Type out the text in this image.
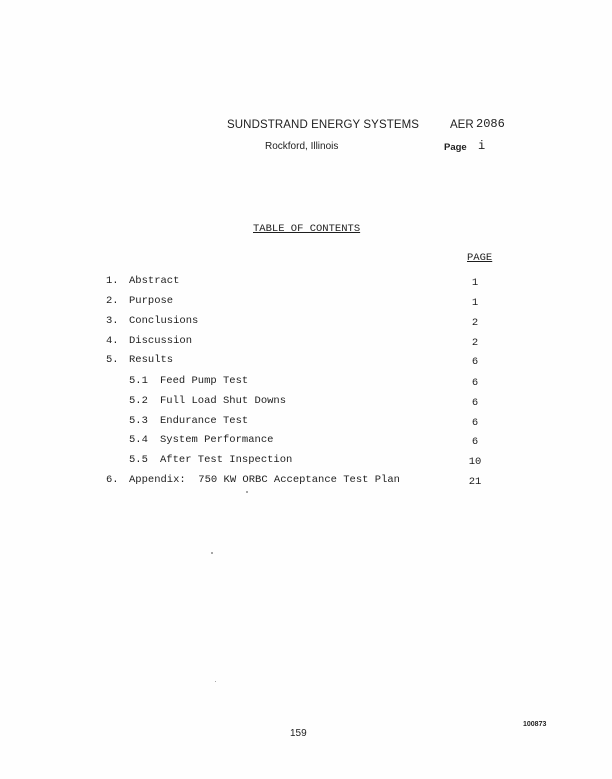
SUNDSTRAND ENERGY SYSTEMS	AER 2086
Rockford, Illinois	Page i
TABLE OF CONTENTS
PAGE
1. Abstract	1
2. Purpose	1
3. Conclusions	2
4. Discussion	2
5. Results	6
5.1 Feed Pump Test	6
5.2 Full Load Shut Downs	6
5.3 Endurance Test	6
5.4 System Performance	6
5.5 After Test Inspection	10
6. Appendix:  750 KW ORBC Acceptance Test Plan	21
159
100873
